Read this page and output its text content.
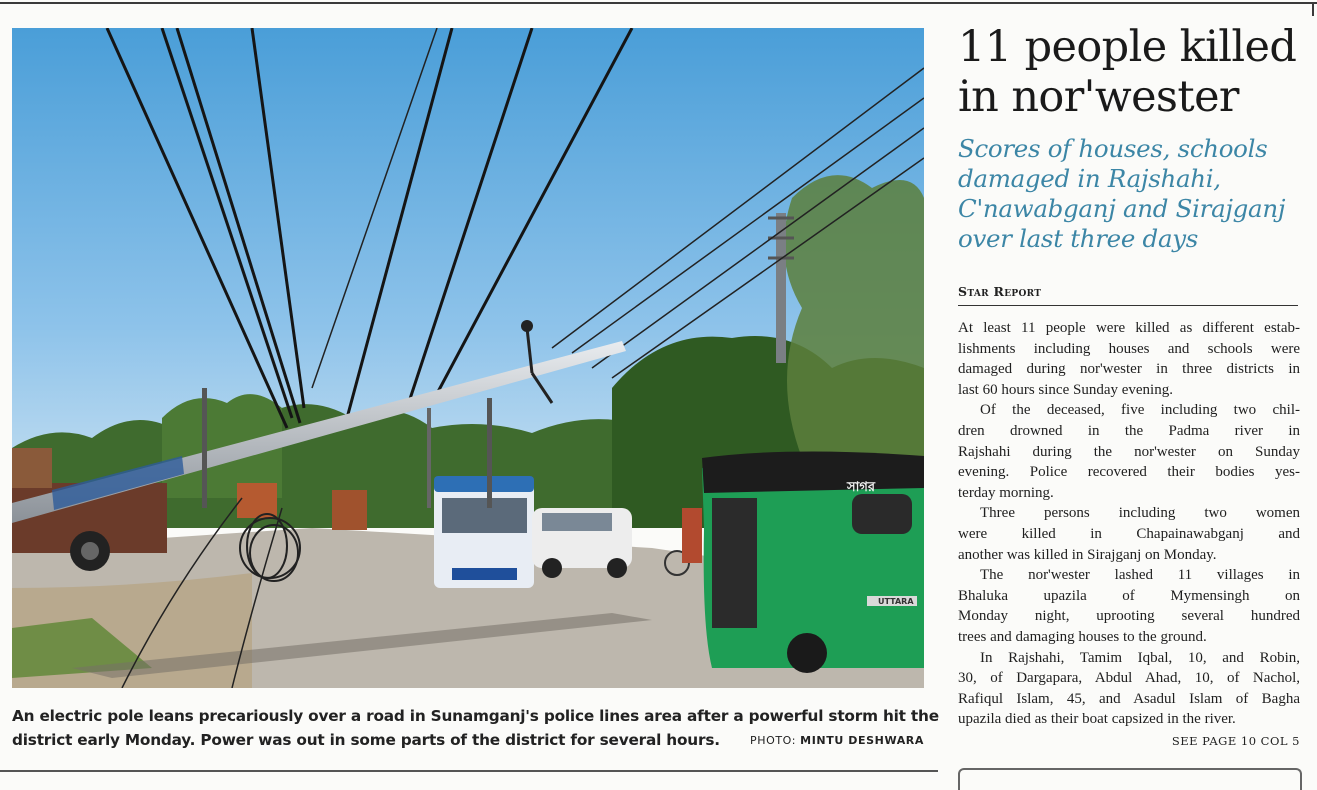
সাগর
UTTARA
An electric pole leans precariously over a road in Sunamganj's police lines area after a powerful storm hit the
district early Monday. Power was out in some parts of the district for several hours.	PHOTO: MINTU DESHWARA
11 people killed
in nor'wester
Scores of houses, schools
damaged in Rajshahi,
C'nawabganj and Sirajganj
over last three days
Star Report

At least 11 people were killed as different estab-
lishments including houses and schools were
damaged during nor'wester in three districts in
last 60 hours since Sunday evening.

Of the deceased, five including two chil-
dren drowned in the Padma river in
Rajshahi during the nor'wester on Sunday
evening. Police recovered their bodies yes-
terday morning.

Three persons including two women
were killed in Chapainawabganj and
another was killed in Sirajganj on Monday.

The nor'wester lashed 11 villages in
Bhaluka upazila of Mymensingh on
Monday night, uprooting several hundred
trees and damaging houses to the ground.

In Rajshahi, Tamim Iqbal, 10, and Robin,
30, of Dargapara, Abdul Ahad, 10, of Nachol,
Rafiqul Islam, 45, and Asadul Islam of Bagha
upazila died as their boat capsized in the river.

SEE PAGE 10 COL 5
